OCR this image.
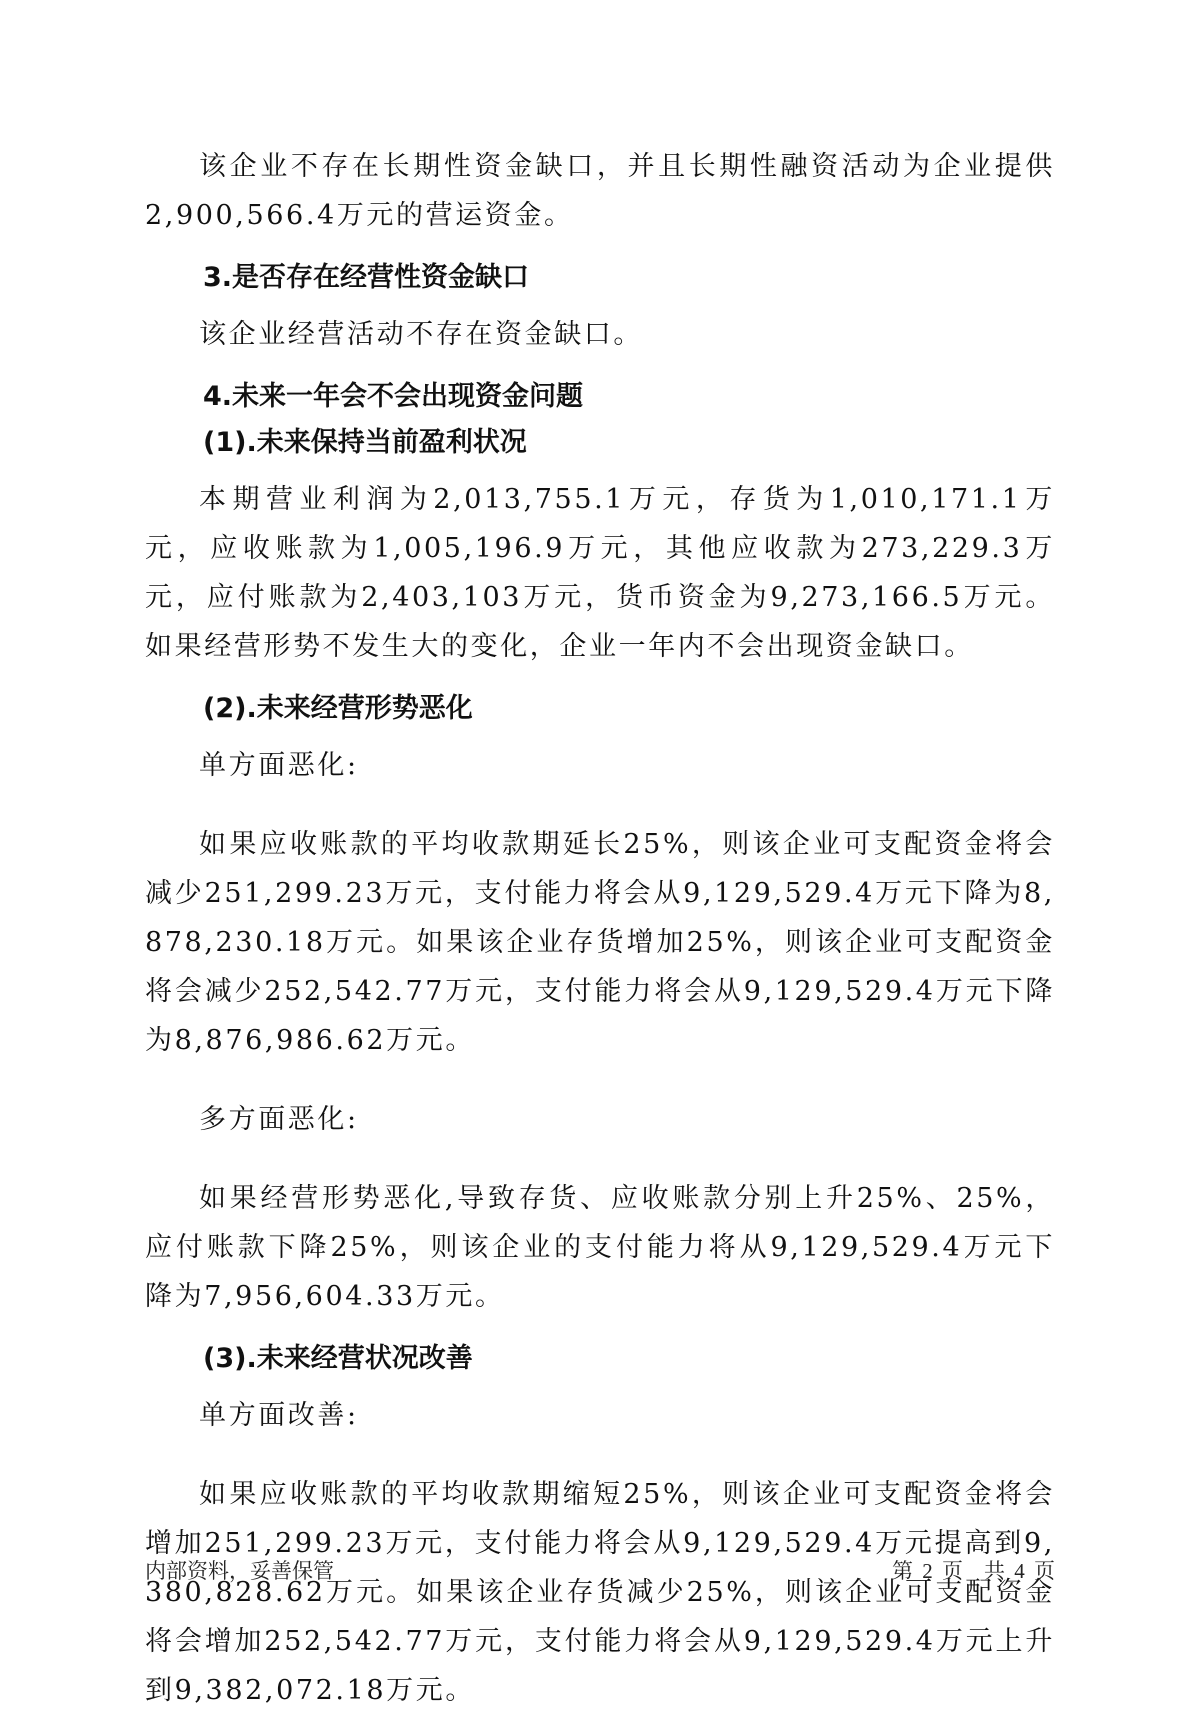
该企业不存在长期性资金缺口，并且长期性融资活动为企业提供2,900,566.4万元的营运资金。

3.是否存在经营性资金缺口

该企业经营活动不存在资金缺口。

4.未来一年会不会出现资金问题

(1).未来保持当前盈利状况

本期营业利润为2,013,755.1万元，存货为1,010,171.1万元，应收账款为1,005,196.9万元，其他应收款为273,229.3万元，应付账款为2,403,103万元，货币资金为9,273,166.5万元。如果经营形势不发生大的变化，企业一年内不会出现资金缺口。

(2).未来经营形势恶化

单方面恶化:

如果应收账款的平均收款期延长25%，则该企业可支配资金将会减少251,299.23万元，支付能力将会从9,129,529.4万元下降为8,878,230.18万元。如果该企业存货增加25%，则该企业可支配资金将会减少252,542.77万元，支付能力将会从9,129,529.4万元下降为8,876,986.62万元。

多方面恶化:

如果经营形势恶化,导致存货、应收账款分别上升25%、25%，应付账款下降25%，则该企业的支付能力将从9,129,529.4万元下降为7,956,604.33万元。

(3).未来经营状况改善

单方面改善:

如果应收账款的平均收款期缩短25%，则该企业可支配资金将会增加251,299.23万元，支付能力将会从9,129,529.4万元提高到9,380,828.62万元。如果该企业存货减少25%，则该企业可支配资金将会增加252,542.77万元，支付能力将会从9,129,529.4万元上升到9,382,072.18万元。

内部资料，妥善保管	第 2 页　共 4 页
